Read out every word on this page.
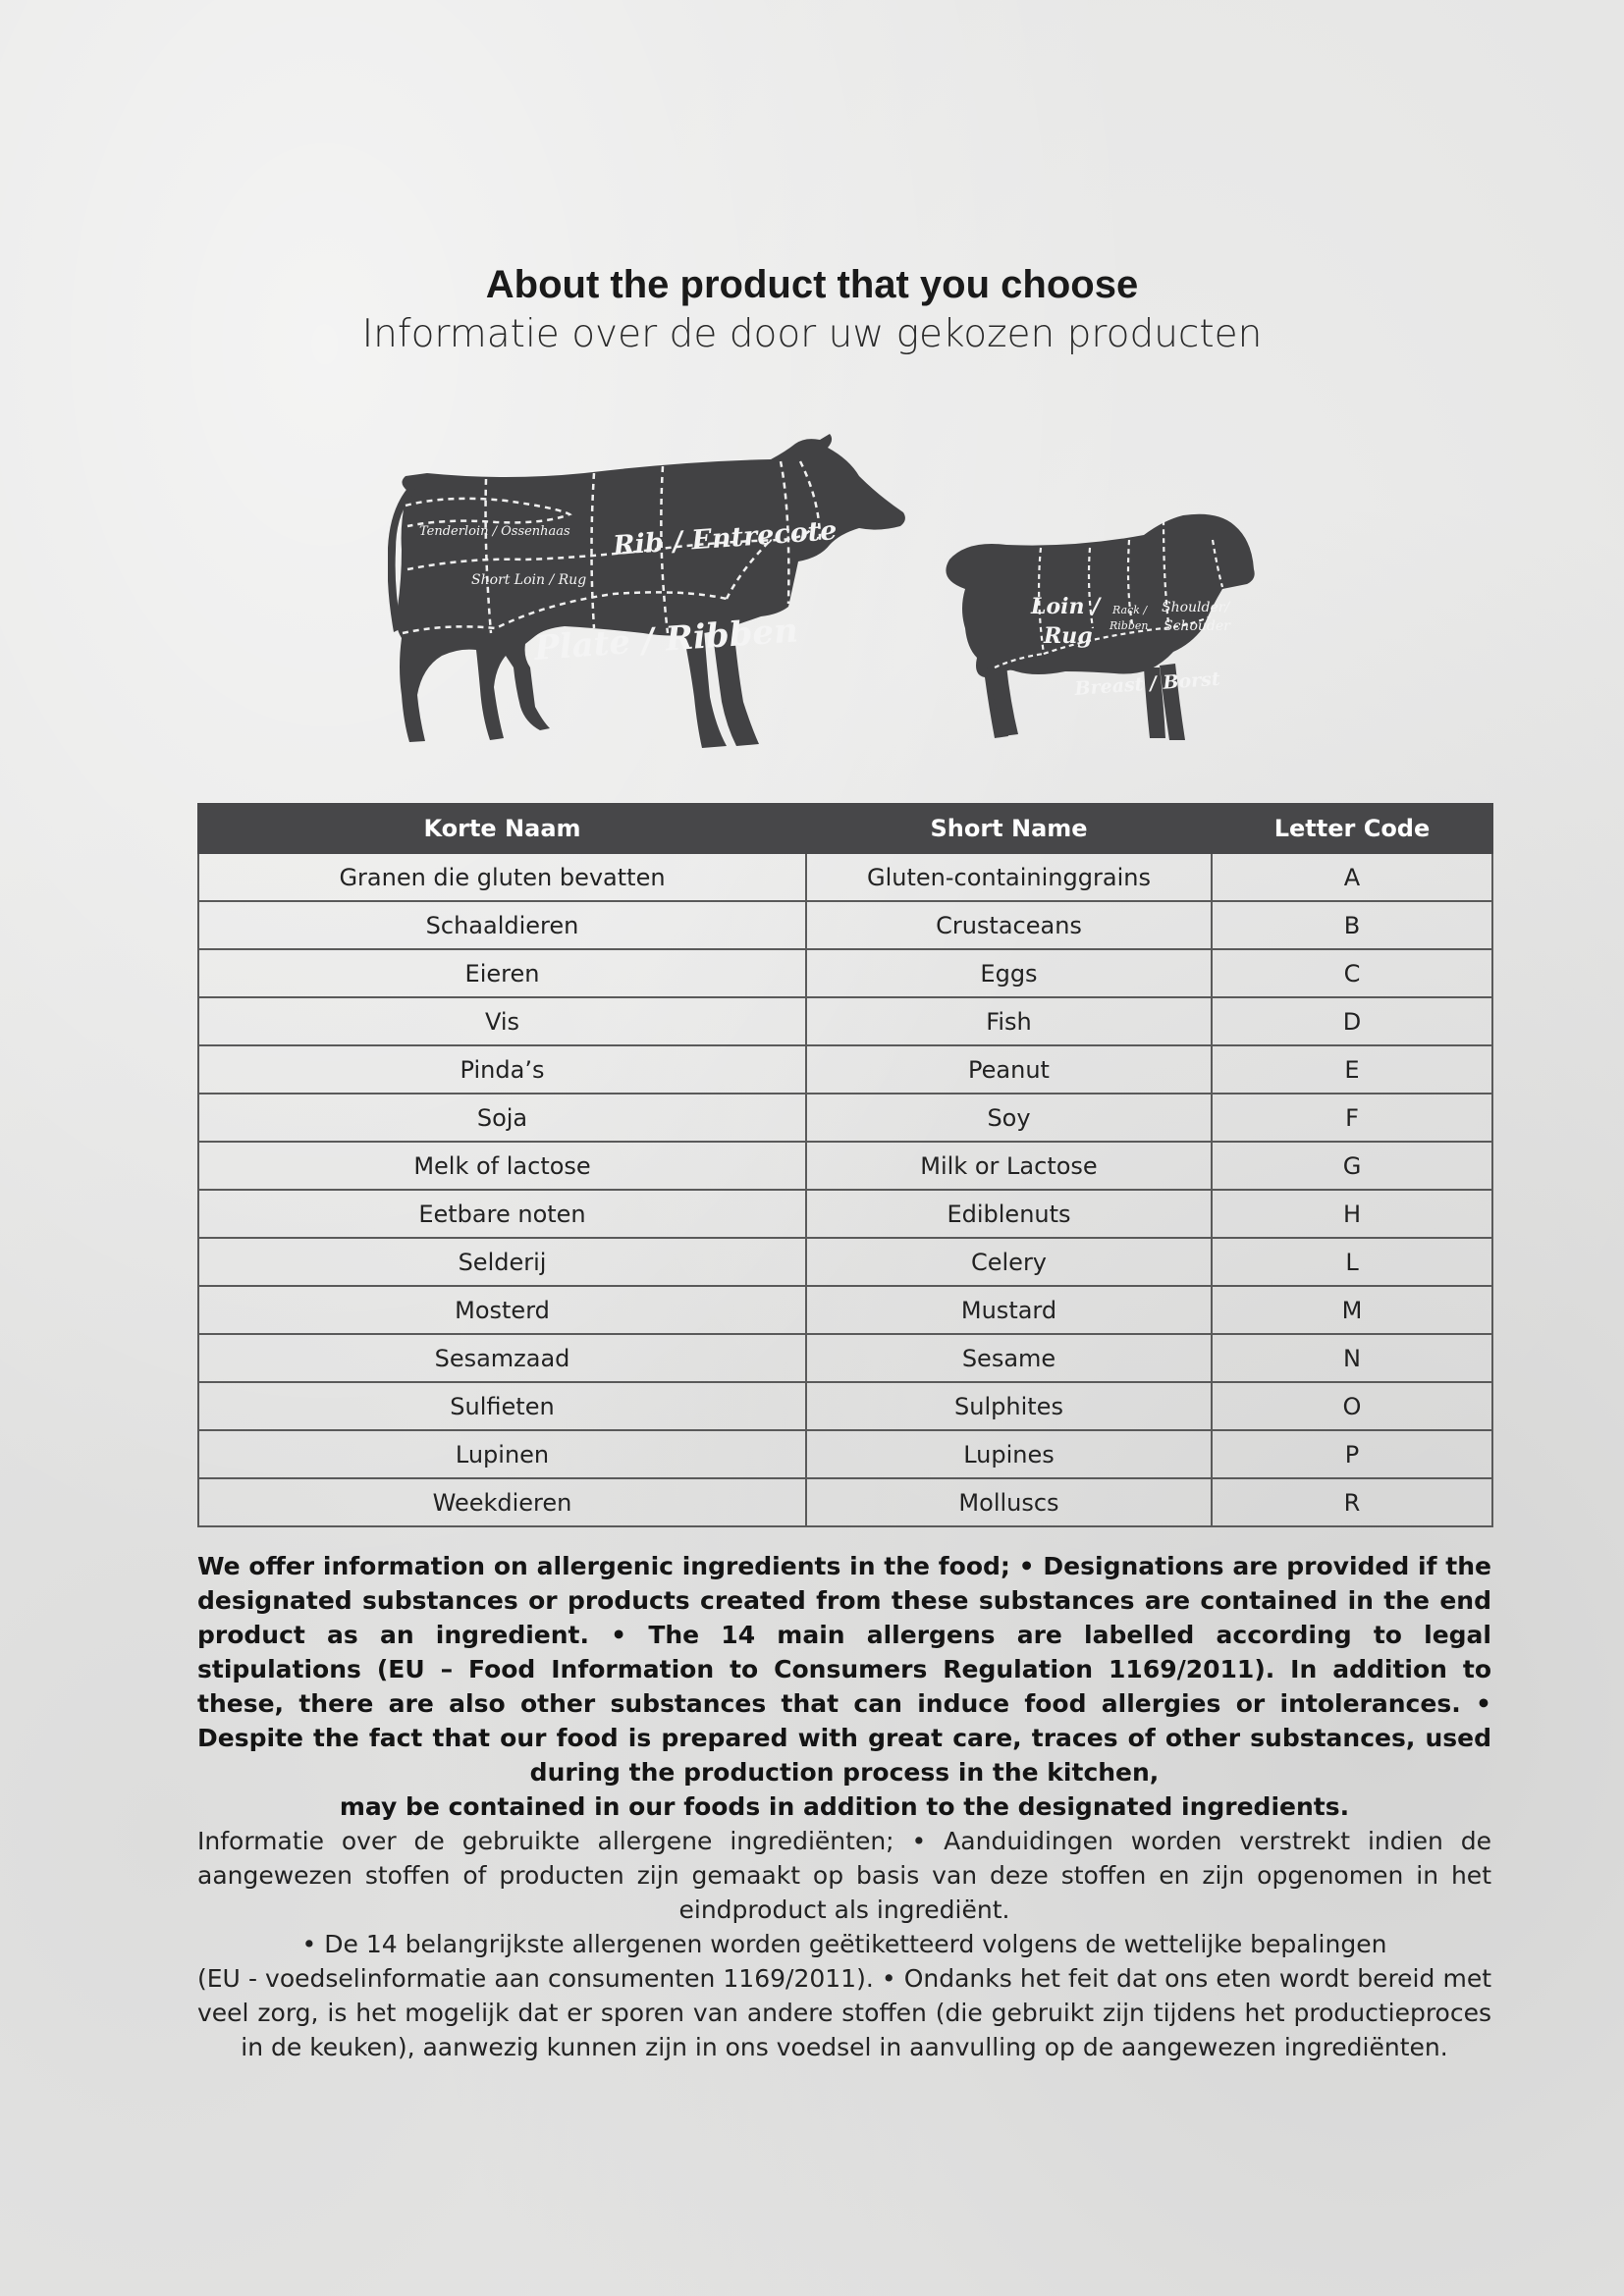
About the product that you choose
Informatie over de door uw gekozen producten
Tenderloin / Ossenhaas Rib / Entrecote
Short Loin / Rug
Plate / Ribben
Loin /
Rug
Rack /
Ribben
Shoulder/
Schouder
Breast / Borst
Korte Naam	Short Name	Letter Code
Granen die gluten bevatten	Gluten-containinggrains	A
Schaaldieren	Crustaceans	B
Eieren	Eggs	C
Vis	Fish	D
Pinda’s	Peanut	E
Soja	Soy	F
Melk of lactose	Milk or Lactose	G
Eetbare noten	Ediblenuts	H
Selderij	Celery	L
Mosterd	Mustard	M
Sesamzaad	Sesame	N
Sulfieten	Sulphites	O
Lupinen	Lupines	P
Weekdieren	Molluscs	R
We offer information on allergenic ingredients in the food; • Designations are provided if the designated substances or products created from these substances are contained in the end product as an ingredient. • The 14 main allergens are labelled according to legal stipulations (EU – Food Information to Consumers Regulation 1169/2011). In addition to these, there are also other substances that can induce food allergies or intolerances. • Despite the fact that our food is prepared with great care, traces of other substances, used during the production process in the kitchen,
may be contained in our foods in addition to the designated ingredients.
Informatie over de gebruikte allergene ingrediënten; • Aanduidingen worden verstrekt indien de aangewezen stoffen of producten zijn gemaakt op basis van deze stoffen en zijn opgenomen in het eindproduct als ingrediënt.
• De 14 belangrijkste allergenen worden geëtiketteerd volgens de wettelijke bepalingen
(EU - voedselinformatie aan consumenten 1169/2011). • Ondanks het feit dat ons eten wordt bereid met veel zorg, is het mogelijk dat er sporen van andere stoffen (die gebruikt zijn tijdens het productieproces in de keuken), aanwezig kunnen zijn in ons voedsel in aanvulling op de aangewezen ingrediënten.
